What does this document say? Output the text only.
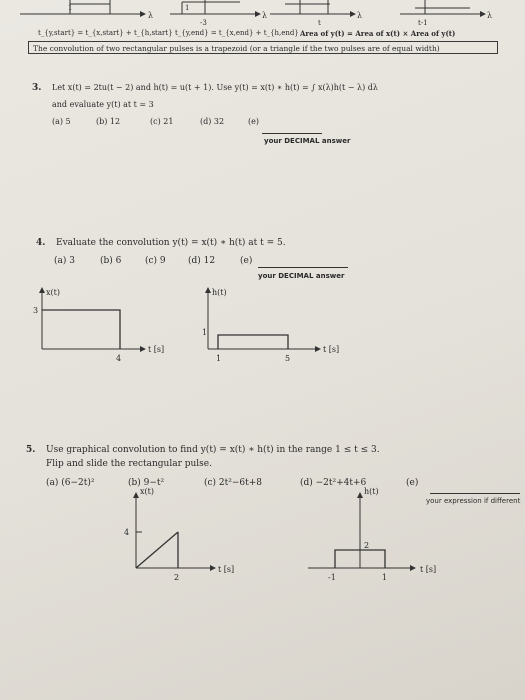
1
λ
1
-3
λ
t
λ
t-1
λ
t_{y,start} = t_{x,start} + t_{h,start} t_{y,end} = t_{x,end} + t_{h,end} Area of y(t) = Area of x(t) × Area of y(t)
The convolution of two rectangular pulses is a trapezoid (or a triangle if the two pulses are of equal width)
3. Let x(t) = 2tu(t − 2) and h(t) = u(t + 1). Use y(t) = x(t) ∗ h(t) = ∫ x(λ)h(t − λ) dλ
and evaluate y(t) at t = 3
(a) 5	(b) 12	(c) 21	(d) 32	(e)
your DECIMAL answer
4. Evaluate the convolution y(t) = x(t) ∗ h(t) at t = 5.
(a) 3	(b) 6	(c) 9 (d) 12	(e)
your DECIMAL answer
x(t)
3
4
t [s]
h(t)
1
1	5
t [s]
5. Use graphical convolution to find y(t) = x(t) ∗ h(t) in the range 1 ≤ t ≤ 3.
Flip and slide the rectangular pulse.
(a) (6−2t)²	(b) 9−t²	(c) 2t²−6t+8	(d) −2t²+4t+6	(e)
your expression if different
x(t)
4
2
t [s]
h(t)
2
-1	1
t [s]
